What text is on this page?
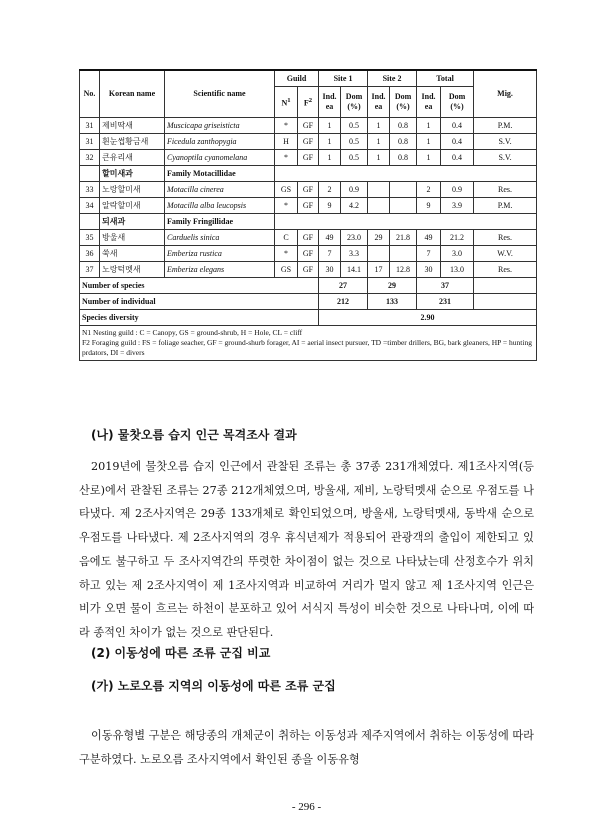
No.	Korean name	Scientific name	Guild		Site 1		Site 2		Total		Mig.
					Ind. ea	Dom (%)	Ind. ea	Dom (%)	Ind. ea	Dom (%)	
			$N^1$	$F^2$
31	제비딱새	Muscicapa griseisticta	*	GF	1	0.5	1	0.8	1	0.4	P.M.
31	흰눈썹황금새	Ficedula zanthopygia	H	GF	1	0.5	1	0.8	1	0.4	S.V.
32	큰유리새	Cyanoptila cyanomelana	*	GF	1	0.5	1	0.8	1	0.4	S.V.
	할미새과	Family Motacillidae									
33	노랑할미새	Motacilla cinerea	GS	GF	2	0.9			2	0.9	Res.
34	알락할미새	Motacilla alba leucopsis	*	GF	9	4.2			9	3.9	P.M.
	되새과	Family Fringillidae									
35	방울새	Carduelis sinica	C	GF	49	23.0	29	21.8	49	21.2	Res.
36	쑥새	Emberiza rustica	*	GF	7	3.3			7	3.0	W.V.
37	노랑턱멧새	Emberiza elegans	GS	GF	30	14.1	17	12.8	30	13.0	Res.
Number of species					27		29		37		
Number of individual					212		133		231		
Species diversity					2.90						

N1 Nesting guild : C = Canopy, GS = ground-shrub, H = Hole, CL = cliff
F2 Foraging guild : FS = foliage seacher, GF = ground-shurb forager, AI = aerial insect pursuer, TD =timber drillers, BG, bark gleaners, HP = hunting prdators, DI = divers											
(나) 물찻오름 습지 인근 목격조사 결과
2019년에 물찻오름 습지 인근에서 관찰된 조류는 총 37종 231개체였다. 제1조사지역(등산로)에서 관찰된 조류는 27종 212개체였으며, 방울새, 제비, 노랑턱멧새 순으로 우점도를 나타냈다. 제 2조사지역은 29종 133개체로 확인되었으며, 방울새, 노랑턱멧새, 동박새 순으로 우점도를 나타냈다. 제 2조사지역의 경우 휴식년제가 적용되어 관광객의 출입이 제한되고 있음에도 불구하고 두 조사지역간의 뚜렷한 차이점이 없는 것으로 나타났는데 산정호수가 위치하고 있는 제 2조사지역이 제 1조사지역과 비교하여 거리가 멀지 않고 제 1조사지역 인근은 비가 오면 물이 흐르는 하천이 분포하고 있어 서식지 특성이 비슷한 것으로 나타나며, 이에 따라 종적인 차이가 없는 것으로 판단된다.
(2) 이동성에 따른 조류 군집 비교
(가) 노로오름 지역의 이동성에 따른 조류 군집
이동유형별 구분은 해당종의 개체군이 취하는 이동성과 제주지역에서 취하는 이동성에 따라 구분하였다. 노로오름 조사지역에서 확인된 종을 이동유형
- 296 -
